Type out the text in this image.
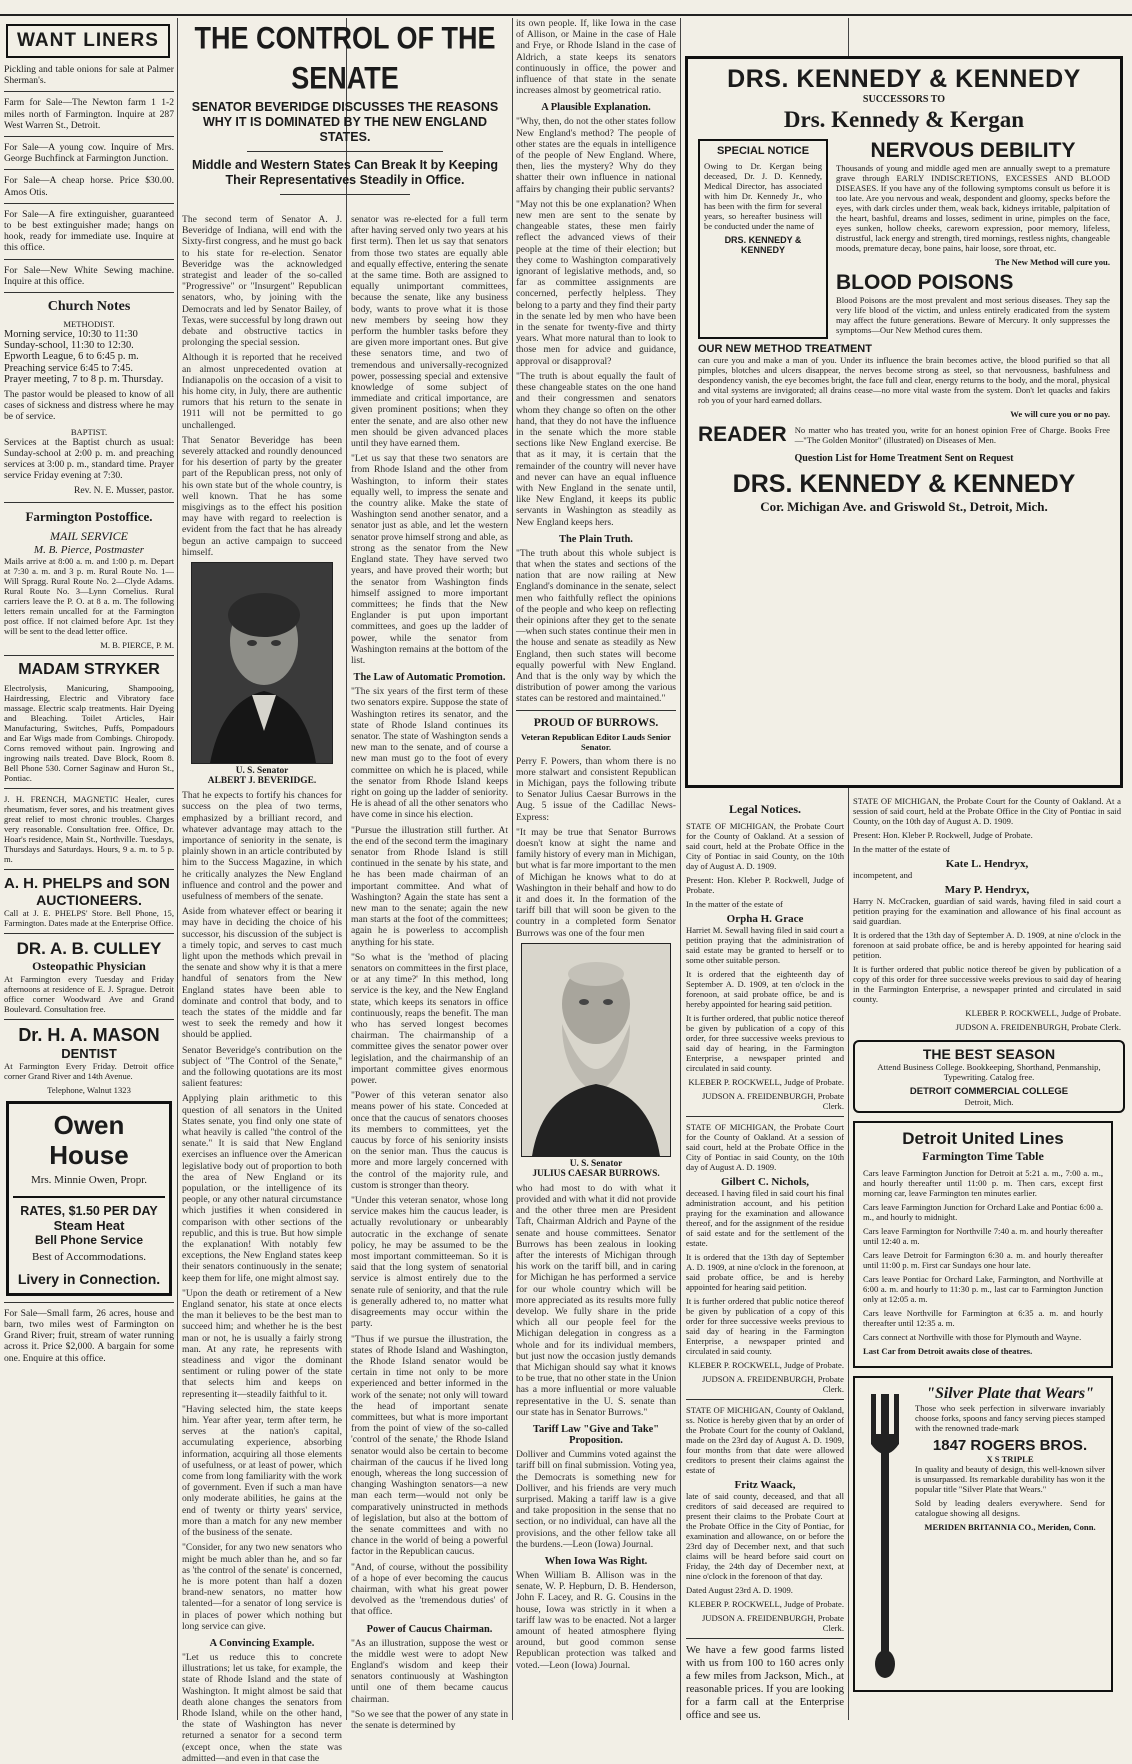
WANT LINERS

Pickling and table onions for sale at Palmer Sherman's.

Farm for Sale—The Newton farm 1 1-2 miles north of Farmington. Inquire at 287 West Warren St., Detroit.

For Sale—A young cow. Inquire of Mrs. George Buchfinck at Farmington Junction.

For Sale—A cheap horse. Price $30.00. Amos Otis.

For Sale—A fire extinguisher, guaranteed to be best extinguisher made; hangs on hook, ready for immediate use. Inquire at this office.

For Sale—New White Sewing machine. Inquire at this office.

Church Notes
METHODIST.

Morning service, 10:30 to 11:30

Sunday-school, 11:30 to 12:30.

Epworth League, 6 to 6:45 p. m.

Preaching service 6:45 to 7:45.

Prayer meeting, 7 to 8 p. m. Thursday.

The pastor would be pleased to know of all cases of sickness and distress where he may be of service.

BAPTIST.

Services at the Baptist church as usual: Sunday-school at 2:00 p. m. and preaching services at 3:00 p. m., standard time. Prayer service Friday evening at 7:30.

Rev. N. E. Musser, pastor.

Farmington Postoffice.
MAIL SERVICE
M. B. Pierce, Postmaster

Mails arrive at 8:00 a. m. and 1:00 p. m. Depart at 7:30 a. m. and 3 p. m. Rural Route No. 1—Will Spragg. Rural Route No. 2—Clyde Adams. Rural Route No. 3—Lynn Cornelius. Rural carriers leave the P. O. at 8 a. m. The following letters remain uncalled for at the Farmington post office. If not claimed before Apr. 1st they will be sent to the dead letter office.

M. B. PIERCE, P. M.

MADAM STRYKER

Electrolysis, Manicuring, Shampooing, Hairdressing, Electric and Vibratory face massage. Electric scalp treatments. Hair Dyeing and Bleaching. Toilet Articles, Hair Manufacturing, Switches, Puffs, Pompadours and Ear Wigs made from Combings. Chiropody. Corns removed without pain. Ingrowing and ingrowing nails treated. Dave Block, Room 8. Bell Phone 530. Corner Saginaw and Huron St., Pontiac.

J. H. FRENCH, MAGNETIC Healer, cures rheumatism, fever sores, and his treatment gives great relief to most chronic troubles. Charges very reasonable. Consultation free. Office, Dr. Hoar's residence, Main St., Northville. Tuesdays, Thursdays and Saturdays. Hours, 9 a. m. to 5 p. m.

A. H. PHELPS and SON
AUCTIONEERS.

Call at J. E. PHELPS' Store. Bell Phone, 15, Farmington. Dates made at the Enterprise Office.

DR. A. B. CULLEY
Osteopathic Physician

At Farmington every Tuesday and Friday afternoons at residence of E. J. Sprague. Detroit office corner Woodward Ave and Grand Boulevard. Consultation free.

Dr. H. A. MASON
DENTIST

At Farmington Every Friday. Detroit office corner Grand River and 14th Avenue.

Telephone, Walnut 1323

Owen House
Mrs. Minnie Owen, Propr.
RATES, $1.50 PER DAY
Steam Heat
Bell Phone Service
Best of Accommodations.
Livery in Connection.

For Sale—Small farm, 26 acres, house and barn, two miles west of Farmington on Grand River; fruit, stream of water running across it. Price $2,000. A bargain for some one. Enquire at this office.

THE CONTROL OF THE SENATE
SENATOR BEVERIDGE DISCUSSES THE REASONS WHY IT IS DOMINATED BY THE NEW ENGLAND STATES.
Middle and Western States Can Break It by Keeping Their Representatives Steadily in Office.

The second term of Senator A. J. Beveridge of Indiana, will end with the Sixty-first congress, and he must go back to his state for re-election. Senator Beveridge was the acknowledged strategist and leader of the so-called "Progressive" or "Insurgent" Republican senators, who, by joining with the Democrats and led by Senator Bailey, of Texas, were successful by long drawn out debate and obstructive tactics in prolonging the special session.

Although it is reported that he received an almost unprecedented ovation at Indianapolis on the occasion of a visit to his home city, in July, there are authentic rumors that his return to the senate in 1911 will not be permitted to go unchallenged.

That Senator Beveridge has been severely attacked and roundly denounced for his desertion of party by the greater part of the Republican press, not only of his own state but of the whole country, is well known. That he has some misgivings as to the effect his position may have with regard to reelection is evident from the fact that he has already begun an active campaign to succeed himself.

U. S. Senator
ALBERT J. BEVERIDGE.

That he expects to fortify his chances for success on the plea of two terms, emphasized by a brilliant record, and whatever advantage may attach to the importance of seniority in the senate, is plainly shown in an article contributed by him to the Success Magazine, in which he critically analyzes the New England influence and control and the power and usefulness of members of the senate.

Aside from whatever effect or bearing it may have in deciding the choice of his successor, his discussion of the subject is a timely topic, and serves to cast much light upon the methods which prevail in the senate and show why it is that a mere handful of senators from the New England states have been able to dominate and control that body, and to teach the states of the middle and far west to seek the remedy and how it should be applied.

Senator Beveridge's contribution on the subject of "The Control of the Senate," and the following quotations are its most salient features:

Applying plain arithmetic to this question of all senators in the United States senate, you find only one state of what heavily is called "the control of the senate." It is said that New England exercises an influence over the American legislative body out of proportion to both the area of New England or its population, or the intelligence of its people, or any other natural circumstance which justifies it when considered in comparison with other sections of the republic, and this is true. But how simple the explanation! With notably few exceptions, the New England states keep their senators continuously in the senate; keep them for life, one might almost say.

"Upon the death or retirement of a New England senator, his state at once elects the man it believes to be the best man to succeed him; and whether he is the best man or not, he is usually a fairly strong man. At any rate, he represents with steadiness and vigor the dominant sentiment or ruling power of the state that selects him and keeps on representing it—steadily faithful to it.

"Having selected him, the state keeps him. Year after year, term after term, he serves at the nation's capital, accumulating experience, absorbing information, acquiring all those elements of usefulness, or at least of power, which come from long familiarity with the work of government. Even if such a man have only moderate abilities, he gains at the end of twenty or thirty years' service, more than a match for any new member of the business of the senate.

"Consider, for any two new senators who might be much abler than he, and so far as 'the control of the senate' is concerned, he is more potent than half a dozen brand-new senators, no matter how talented—for a senator of long service is in places of power which nothing but long service can give.

A Convincing Example.

"Let us reduce this to concrete illustrations; let us take, for example, the state of Rhode Island and the state of Washington. It might almost be said that death alone changes the senators from Rhode Island, while on the other hand, the state of Washington has never returned a senator for a second term (except once, when the state was admitted—and even in that case the

senator was re-elected for a full term after having served only two years at his first term). Then let us say that senators from those two states are equally able and equally effective, entering the senate at the same time. Both are assigned to equally unimportant committees, because the senate, like any business body, wants to prove what it is those new members by seeing how they perform the humbler tasks before they are given more important ones. But give these senators time, and two of tremendous and universally-recognized power, possessing special and extensive knowledge of some subject of immediate and critical importance, are given prominent positions; when they enter the senate, and are also other new men should be given advanced places until they have earned them.

"Let us say that these two senators are from Rhode Island and the other from Washington, to inform their states equally well, to impress the senate and the country alike. Make the state of Washington send another senator, and a senator just as able, and let the western senator prove himself strong and able, as strong as the senator from the New England state. They have served two years, and have proved their worth; but the senator from Washington finds himself assigned to more important committees; he finds that the New Englander is put upon important committees, and goes up the ladder of power, while the senator from Washington remains at the bottom of the list.

The Law of Automatic Promotion.

"The six years of the first term of these two senators expire. Suppose the state of Washington retires its senator, and the state of Rhode Island continues its senator. The state of Washington sends a new man to the senate, and of course a new man must go to the foot of every committee on which he is placed, while the senator from Rhode Island keeps right on going up the ladder of seniority. He is ahead of all the other senators who have come in since his election.

"Pursue the illustration still further. At the end of the second term the imaginary senator from Rhode Island is still continued in the senate by his state, and he has been made chairman of an important committee. And what of Washington? Again the state has sent a new man to the senate; again the new man starts at the foot of the committees; again he is powerless to accomplish anything for his state.

"So what is the 'method of placing senators on committees in the first place, or at any time?' In this method, long service is the key, and the New England state, which keeps its senators in office continuously, reaps the benefit. The man who has served longest becomes chairman. The chairmanship of a committee gives the senator power over legislation, and the chairmanship of an important committee gives enormous power.

"Power of this veteran senator also means power of his state. Conceded at once that the caucus of senators chooses its members to committees, yet the caucus by force of his seniority insists on the senior man. Thus the caucus is more and more largely concerned with the control of the majority rule, and custom is stronger than theory.

"Under this veteran senator, whose long service makes him the caucus leader, is actually revolutionary or unbearably autocratic in the exchange of senate policy, he may be assumed to be the most important committeeman. So it is said that the long system of senatorial service is almost entirely due to the senate rule of seniority, and that the rule is generally adhered to, no matter what disagreements may occur within the party.

"Thus if we pursue the illustration, the states of Rhode Island and Washington, the Rhode Island senator would be certain in time not only to be more experienced and better informed in the work of the senate; not only will toward the head of important senate committees, but what is more important from the point of view of the so-called 'control of the senate,' the Rhode Island senator would also be certain to become chairman of the caucus if he lived long enough, whereas the long succession of changing Washington senators—a new man each term—would not only be comparatively uninstructed in methods of legislation, but also at the bottom of the senate committees and with no chance in the world of being a powerful factor in the Republican caucus.

"And, of course, without the possibility of a hope of ever becoming the caucus chairman, with what his great power devolved as the 'tremendous duties' of that office.

Power of Caucus Chairman.

"As an illustration, suppose the west or the middle west were to adopt New England's wisdom and keep their senators continuously at Washington until one of them became caucus chairman.

"So we see that the power of any state in the senate is determined by

its own people. If, like Iowa in the case of Allison, or Maine in the case of Hale and Frye, or Rhode Island in the case of Aldrich, a state keeps its senators continuously in office, the power and influence of that state in the senate increases almost by geometrical ratio.

A Plausible Explanation.

"Why, then, do not the other states follow New England's method? The people of other states are the equals in intelligence of the people of New England. Where, then, lies the mystery? Why do they shatter their own influence in national affairs by changing their public servants?

"May not this be one explanation? When new men are sent to the senate by changeable states, these men fairly reflect the advanced views of their people at the time of their election; but they come to Washington comparatively ignorant of legislative methods, and, so far as committee assignments are concerned, perfectly helpless. They belong to a party and they find their party in the senate led by men who have been in the senate for twenty-five and thirty years. What more natural than to look to those men for advice and guidance, approval or disapproval?

"The truth is about equally the fault of these changeable states on the one hand and their congressmen and senators whom they change so often on the other hand, that they do not have the influence in the senate which the more stable sections like New England exercise. Be that as it may, it is certain that the remainder of the country will never have and never can have an equal influence with New England in the senate until, like New England, it keeps its public servants in Washington as steadily as New England keeps hers.

The Plain Truth.

"The truth about this whole subject is that when the states and sections of the nation that are now railing at New England's dominance in the senate, select men who faithfully reflect the opinions of the people and who keep on reflecting their opinions after they get to the senate—when such states continue their men in the house and senate as steadily as New England, then such states will become equally powerful with New England. And that is the only way by which the distribution of power among the various states can be restored and maintained."

PROUD OF BURROWS.
Veteran Republican Editor Lauds Senior Senator.

Perry F. Powers, than whom there is no more stalwart and consistent Republican in Michigan, pays the following tribute to Senator Julius Caesar Burrows in the Aug. 5 issue of the Cadillac News-Express:

"It may be true that Senator Burrows doesn't know at sight the name and family history of every man in Michigan, but what is far more important to the men of Michigan he knows what to do at Washington in their behalf and how to do it and does it. In the formation of the tariff bill that will soon be given to the country in a completed form Senator Burrows was one of the four men

U. S. Senator
JULIUS CAESAR BURROWS.

who had most to do with what it provided and with what it did not provide and the other three men are President Taft, Chairman Aldrich and Payne of the senate and house committees. Senator Burrows has been zealous in looking after the interests of Michigan through his work on the tariff bill, and in caring for Michigan he has performed a service for our whole country which will be more appreciated as its results more fully develop. We fully share in the pride which all our people feel for the Michigan delegation in congress as a whole and for its individual members, but just now the occasion justly demands that Michigan should say what it knows to be true, that no other state in the Union has a more influential or more valuable representative in the U. S. senate than our state has in Senator Burrows."

Tariff Law "Give and Take" Proposition.

Dolliver and Cummins voted against the tariff bill on final submission. Voting yea, the Democrats is something new for Dolliver, and his friends are very much surprised. Making a tariff law is a give and take proposition in the sense that no section, or no individual, can have all the provisions, and the other fellow take all the burdens.—Leon (Iowa) Journal.

When Iowa Was Right.

When William B. Allison was in the senate, W. P. Hepburn, D. B. Henderson, John F. Lacey, and R. G. Cousins in the house, Iowa was strictly in it when a tariff law was to be enacted. Not a larger amount of heated atmosphere flying around, but good common sense Republican protection was talked and voted.—Leon (Iowa) Journal.

DRS. KENNEDY & KENNEDY
SUCCESSORS TO
Drs. Kennedy & Kergan
SPECIAL NOTICE

Owing to Dr. Kergan being deceased, Dr. J. D. Kennedy, Medical Director, has associated with him Dr. Kennedy Jr., who has been with the firm for several years, so hereafter business will be conducted under the name of

DRS. KENNEDY & KENNEDY
NERVOUS DEBILITY

Thousands of young and middle aged men are annually swept to a premature grave through EARLY INDISCRETIONS, EXCESSES AND BLOOD DISEASES. If you have any of the following symptoms consult us before it is too late. Are you nervous and weak, despondent and gloomy, specks before the eyes, with dark circles under them, weak back, kidneys irritable, palpitation of the heart, bashful, dreams and losses, sediment in urine, pimples on the face, eyes sunken, hollow cheeks, careworn expression, poor memory, lifeless, distrustful, lack energy and strength, tired mornings, restless nights, changeable moods, premature decay, bone pains, hair loose, sore throat, etc.

The New Method will cure you.

BLOOD POISONS

Blood Poisons are the most prevalent and most serious diseases. They sap the very life blood of the victim, and unless entirely eradicated from the system may affect the future generations. Beware of Mercury. It only suppresses the symptoms—Our New Method cures them.

OUR NEW METHOD TREATMENT

can cure you and make a man of you. Under its influence the brain becomes active, the blood purified so that all pimples, blotches and ulcers disappear, the nerves become strong as steel, so that nervousness, bashfulness and despondency vanish, the eye becomes bright, the face full and clear, energy returns to the body, and the moral, physical and vital systems are invigorated; all drains cease—no more vital waste from the system. Don't let quacks and fakirs rob you of your hard earned dollars.

We will cure you or no pay.

READER No matter who has treated you, write for an honest opinion Free of Charge. Books Free—"The Golden Monitor" (illustrated) on Diseases of Men.

Question List for Home Treatment Sent on Request
DRS. KENNEDY & KENNEDY
Cor. Michigan Ave. and Griswold St., Detroit, Mich.
Legal Notices.

STATE OF MICHIGAN, the Probate Court for the County of Oakland. At a session of said court, held at the Probate Office in the City of Pontiac in said County, on the 10th day of August A. D. 1909.

Present: Hon. Kleber P. Rockwell, Judge of Probate.

In the matter of the estate of

Orpha H. Grace

Harriet M. Sewall having filed in said court a petition praying that the administration of said estate may be granted to herself or to some other suitable person.

It is ordered that the eighteenth day of September A. D. 1909, at ten o'clock in the forenoon, at said probate office, be and is hereby appointed for hearing said petition.

It is further ordered, that public notice thereof be given by publication of a copy of this order, for three successive weeks previous to said day of hearing, in the Farmington Enterprise, a newspaper printed and circulated in said county.

KLEBER P. ROCKWELL, Judge of Probate.

JUDSON A. FREIDENBURGH, Probate Clerk.

STATE OF MICHIGAN, the Probate Court for the County of Oakland. At a session of said court, held at the Probate Office in the City of Pontiac in said County, on the 10th day of August A. D. 1909.

Gilbert C. Nichols,

deceased. I having filed in said court his final administration account, and his petition praying for the examination and allowance thereof, and for the assignment of the residue of said estate and for the settlement of the estate.

It is ordered that the 13th day of September A. D. 1909, at nine o'clock in the forenoon, at said probate office, be and is hereby appointed for hearing said petition.

It is further ordered that public notice thereof be given by publication of a copy of this order for three successive weeks previous to said day of hearing in the Farmington Enterprise, a newspaper printed and circulated in said county.

KLEBER P. ROCKWELL, Judge of Probate.

JUDSON A. FREIDENBURGH, Probate Clerk.

STATE OF MICHIGAN, County of Oakland, ss. Notice is hereby given that by an order of the Probate Court for the county of Oakland, made on the 23rd day of August A. D. 1909, four months from that date were allowed creditors to present their claims against the estate of

Fritz Waack,

late of said county, deceased, and that all creditors of said deceased are required to present their claims to the Probate Court at the Probate Office in the City of Pontiac, for examination and allowance, on or before the 23rd day of December next, and that such claims will be heard before said court on Friday, the 24th day of December next, at nine o'clock in the forenoon of that day.

Dated August 23rd A. D. 1909.

KLEBER P. ROCKWELL, Judge of Probate.

JUDSON A. FREIDENBURGH, Probate Clerk.

We have a few good farms listed with us from 100 to 160 acres only a few miles from Jackson, Mich., at reasonable prices. If you are looking for a farm call at the Enterprise office and see us.

STATE OF MICHIGAN, the Probate Court for the County of Oakland. At a session of said court, held at the Probate Office in the City of Pontiac in said County, on the 10th day of August A. D. 1909.

Present: Hon. Kleber P. Rockwell, Judge of Probate.

In the matter of the estate of

Kate L. Hendryx,

incompetent, and

Mary P. Hendryx,

Harry N. McCracken, guardian of said wards, having filed in said court a petition praying for the examination and allowance of his final account as said guardian.

It is ordered that the 13th day of September A. D. 1909, at nine o'clock in the forenoon at said probate office, be and is hereby appointed for hearing said petition.

It is further ordered that public notice thereof be given by publication of a copy of this order for three successive weeks previous to said day of hearing in the Farmington Enterprise, a newspaper printed and circulated in said county.

KLEBER P. ROCKWELL, Judge of Probate.

JUDSON A. FREIDENBURGH, Probate Clerk.

THE BEST SEASON

Attend Business College. Bookkeeping, Shorthand, Penmanship, Typewriting. Catalog free.

DETROIT COMMERCIAL COLLEGE
Detroit, Mich.
Detroit United Lines
Farmington Time Table

Cars leave Farmington Junction for Detroit at 5:21 a. m., 7:00 a. m., and hourly thereafter until 11:00 p. m. Then cars, except first morning car, leave Farmington ten minutes earlier.

Cars leave Farmington Junction for Orchard Lake and Pontiac 6:00 a. m., and hourly to midnight.

Cars leave Farmington for Northville 7:40 a. m. and hourly thereafter until 12:40 a. m.

Cars leave Detroit for Farmington 6:30 a. m. and hourly thereafter until 11:00 p. m. First car Sundays one hour late.

Cars leave Pontiac for Orchard Lake, Farmington, and Northville at 6:00 a. m. and hourly to 11:30 p. m., last car to Farmington Junction only at 12:05 a. m.

Cars leave Northville for Farmington at 6:35 a. m. and hourly thereafter until 12:35 a. m.

Cars connect at Northville with those for Plymouth and Wayne.

Last Car from Detroit awaits close of theatres.

"Silver Plate that Wears"

Those who seek perfection in silverware invariably choose forks, spoons and fancy serving pieces stamped with the renowned trade-mark

1847 ROGERS BROS.
X S TRIPLE

In quality and beauty of design, this well-known silver is unsurpassed. Its remarkable durability has won it the popular title "Silver Plate that Wears."

Sold by leading dealers everywhere. Send for catalogue showing all designs.

MERIDEN BRITANNIA CO., Meriden, Conn.
